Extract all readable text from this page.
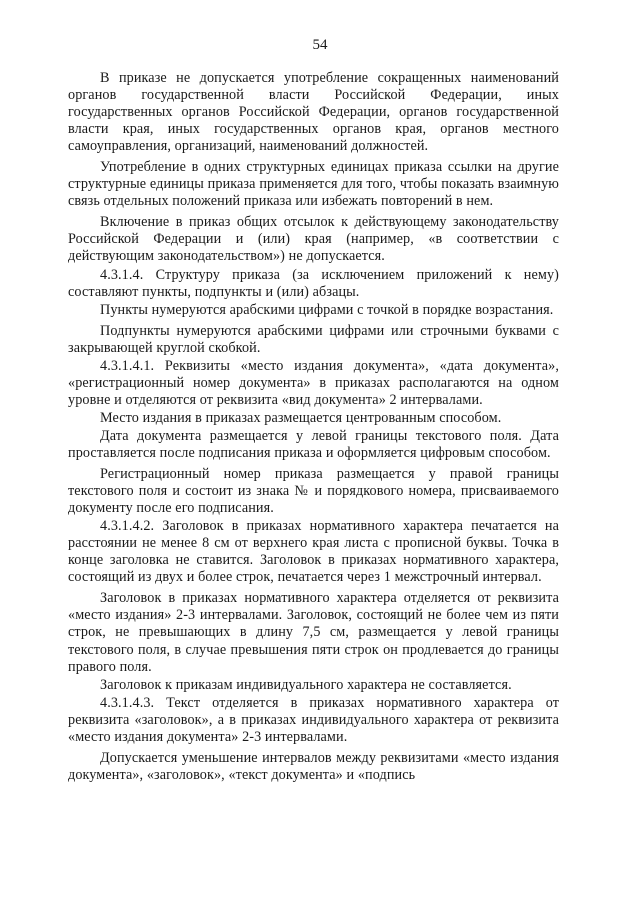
54

В приказе не допускается употребление сокращенных наименований органов государственной власти Российской Федерации, иных государственных органов Российской Федерации, органов государственной власти края, иных государственных органов края, органов местного самоуправления, организаций, наименований должностей.

Употребление в одних структурных единицах приказа ссылки на другие структурные единицы приказа применяется для того, чтобы показать взаимную связь отдельных положений приказа или избежать повторений в нем.

Включение в приказ общих отсылок к действующему законодательству Российской Федерации и (или) края (например, «в соответствии с действующим законодательством») не допускается.

4.3.1.4. Структуру приказа (за исключением приложений к нему) составляют пункты, подпункты и (или) абзацы.

Пункты нумеруются арабскими цифрами с точкой в порядке возрастания.

Подпункты нумеруются арабскими цифрами или строчными буквами с закрывающей круглой скобкой.

4.3.1.4.1. Реквизиты «место издания документа», «дата документа», «регистрационный номер документа» в приказах располагаются на одном уровне и отделяются от реквизита «вид документа» 2 интервалами.

Место издания в приказах размещается центрованным способом.

Дата документа размещается у левой границы текстового поля. Дата проставляется после подписания приказа и оформляется цифровым способом.

Регистрационный номер приказа размещается у правой границы текстового поля и состоит из знака № и порядкового номера, присваиваемого документу после его подписания.

4.3.1.4.2. Заголовок в приказах нормативного характера печатается на расстоянии не менее 8 см от верхнего края листа с прописной буквы. Точка в конце заголовка не ставится. Заголовок в приказах нормативного характера, состоящий из двух и более строк, печатается через 1 межстрочный интервал.

Заголовок в приказах нормативного характера отделяется от реквизита «место издания» 2-3 интервалами. Заголовок, состоящий не более чем из пяти строк, не превышающих в длину 7,5 см, размещается у левой границы текстового поля, в случае превышения пяти строк он продлевается до границы правого поля.

Заголовок к приказам индивидуального характера не составляется.

4.3.1.4.3. Текст отделяется в приказах нормативного характера от реквизита «заголовок», а в приказах индивидуального характера от реквизита «место издания документа» 2-3 интервалами.

Допускается уменьшение интервалов между реквизитами «место издания документа», «заголовок», «текст документа» и «подпись
